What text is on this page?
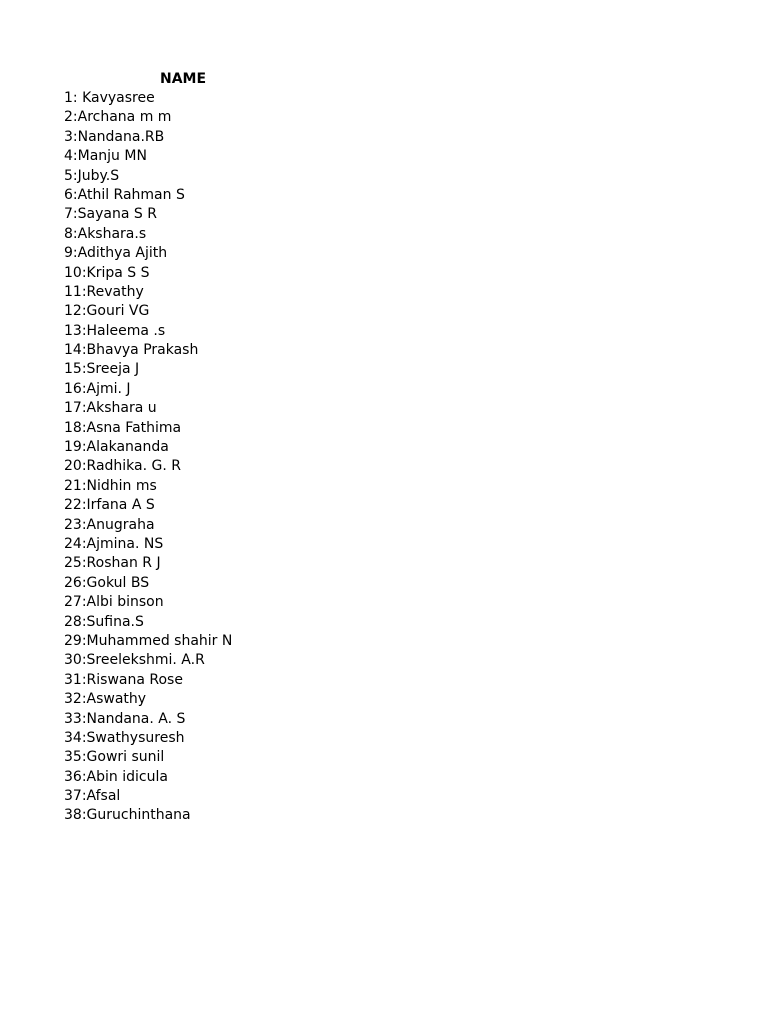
NAME
1: Kavyasree
2:Archana m m
3:Nandana.RB
4:Manju MN
5:Juby.S
6:Athil Rahman S
7:Sayana S R
8:Akshara.s
9:Adithya Ajith
10:Kripa S S
11:Revathy
12:Gouri VG
13:Haleema .s
14:Bhavya Prakash
15:Sreeja J
16:Ajmi. J
17:Akshara u
18:Asna Fathima
19:Alakananda
20:Radhika. G. R
21:Nidhin ms
22:Irfana A S
23:Anugraha
24:Ajmina. NS
25:Roshan R J
26:Gokul BS
27:Albi binson
28:Sufina.S
29:Muhammed shahir N
30:Sreelekshmi. A.R
31:Riswana Rose
32:Aswathy
33:Nandana. A. S
34:Swathysuresh
35:Gowri sunil
36:Abin idicula
37:Afsal
38:Guruchinthana
